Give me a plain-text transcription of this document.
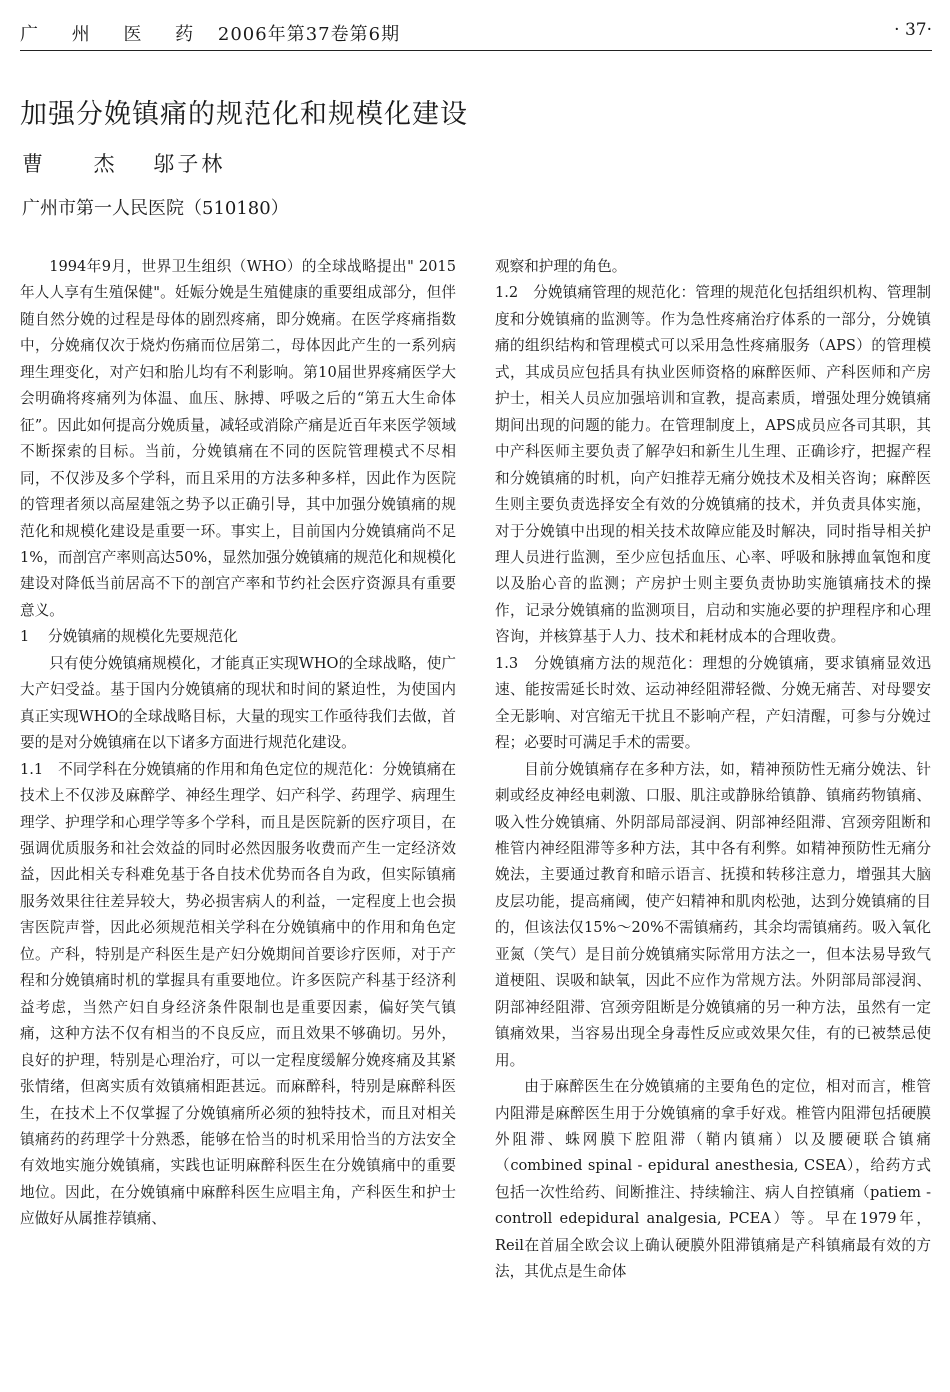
广 州 医 药 2006年第37卷第6期	· 37·
加强分娩镇痛的规范化和规模化建设
曹 杰 邬子林
广州市第一人民医院（510180）

1994年9月，世界卫生组织（WHO）的全球战略提出" 2015年人人享有生殖保健"。妊娠分娩是生殖健康的重要组成部分，但伴随自然分娩的过程是母体的剧烈疼痛，即分娩痛。在医学疼痛指数中，分娩痛仅次于烧灼伤痛而位居第二，母体因此产生的一系列病理生理变化，对产妇和胎儿均有不利影响。第10届世界疼痛医学大会明确将疼痛列为体温、血压、脉搏、呼吸之后的“第五大生命体征”。因此如何提高分娩质量，减轻或消除产痛是近百年来医学领域不断探索的目标。当前，分娩镇痛在不同的医院管理模式不尽相同，不仅涉及多个学科，而且采用的方法多种多样，因此作为医院的管理者须以高屋建瓴之势予以正确引导，其中加强分娩镇痛的规范化和规模化建设是重要一环。事实上，目前国内分娩镇痛尚不足1%，而剖宫产率则高达50%，显然加强分娩镇痛的规范化和规模化建设对降低当前居高不下的剖宫产率和节约社会医疗资源具有重要意义。

1 分娩镇痛的规模化先要规范化

只有使分娩镇痛规模化，才能真正实现WHO的全球战略，使广大产妇受益。基于国内分娩镇痛的现状和时间的紧迫性，为使国内真正实现WHO的全球战略目标，大量的现实工作亟待我们去做，首要的是对分娩镇痛在以下诸多方面进行规范化建设。

1.1　不同学科在分娩镇痛的作用和角色定位的规范化：分娩镇痛在技术上不仅涉及麻醉学、神经生理学、妇产科学、药理学、病理生理学、护理学和心理学等多个学科，而且是医院新的医疗项目，在强调优质服务和社会效益的同时必然因服务收费而产生一定经济效益，因此相关专科难免基于各自技术优势而各自为政，但实际镇痛服务效果往往差异较大，势必损害病人的利益，一定程度上也会损害医院声誉，因此必须规范相关学科在分娩镇痛中的作用和角色定位。产科，特别是产科医生是产妇分娩期间首要诊疗医师，对于产程和分娩镇痛时机的掌握具有重要地位。许多医院产科基于经济利益考虑，当然产妇自身经济条件限制也是重要因素，偏好笑气镇痛，这种方法不仅有相当的不良反应，而且效果不够确切。另外，良好的护理，特别是心理治疗，可以一定程度缓解分娩疼痛及其紧张情绪，但离实质有效镇痛相距甚远。而麻醉科，特别是麻醉科医生，在技术上不仅掌握了分娩镇痛所必须的独特技术，而且对相关镇痛药的药理学十分熟悉，能够在恰当的时机采用恰当的方法安全有效地实施分娩镇痛，实践也证明麻醉科医生在分娩镇痛中的重要地位。因此，在分娩镇痛中麻醉科医生应唱主角，产科医生和护士应做好从属推荐镇痛、

观察和护理的角色。

1.2　分娩镇痛管理的规范化：管理的规范化包括组织机构、管理制度和分娩镇痛的监测等。作为急性疼痛治疗体系的一部分，分娩镇痛的组织结构和管理模式可以采用急性疼痛服务（APS）的管理模式，其成员应包括具有执业医师资格的麻醉医师、产科医师和产房护士，相关人员应加强培训和宣教，提高素质，增强处理分娩镇痛期间出现的问题的能力。在管理制度上，APS成员应各司其职，其中产科医师主要负责了解孕妇和新生儿生理、正确诊疗，把握产程和分娩镇痛的时机，向产妇推荐无痛分娩技术及相关咨询；麻醉医生则主要负责选择安全有效的分娩镇痛的技术，并负责具体实施，对于分娩镇中出现的相关技术故障应能及时解决，同时指导相关护理人员进行监测，至少应包括血压、心率、呼吸和脉搏血氧饱和度以及胎心音的监测；产房护士则主要负责协助实施镇痛技术的操作，记录分娩镇痛的监测项目，启动和实施必要的护理程序和心理咨询，并核算基于人力、技术和耗材成本的合理收费。

1.3　分娩镇痛方法的规范化：理想的分娩镇痛，要求镇痛显效迅速、能按需延长时效、运动神经阻滞轻微、分娩无痛苦、对母婴安全无影响、对宫缩无干扰且不影响产程，产妇清醒，可参与分娩过程；必要时可满足手术的需要。

目前分娩镇痛存在多种方法，如，精神预防性无痛分娩法、针刺或经皮神经电刺激、口服、肌注或静脉给镇静、镇痛药物镇痛、吸入性分娩镇痛、外阴部局部浸润、阴部神经阻滞、宫颈旁阻断和椎管内神经阻滞等多种方法，其中各有利弊。如精神预防性无痛分娩法，主要通过教育和暗示语言、抚摸和转移注意力，增强其大脑皮层功能，提高痛阈，使产妇精神和肌肉松弛，达到分娩镇痛的目的，但该法仅15%～20%不需镇痛药，其余均需镇痛药。吸入氧化亚氮（笑气）是目前分娩镇痛实际常用方法之一，但本法易导致气道梗阻、误吸和缺氧，因此不应作为常规方法。外阴部局部浸润、阴部神经阻滞、宫颈旁阻断是分娩镇痛的另一种方法，虽然有一定镇痛效果，当容易出现全身毒性反应或效果欠佳，有的已被禁忌使用。

由于麻醉医生在分娩镇痛的主要角色的定位，相对而言，椎管内阻滞是麻醉医生用于分娩镇痛的拿手好戏。椎管内阻滞包括硬膜外阻滞、蛛网膜下腔阻滞（鞘内镇痛）以及腰硬联合镇痛（combined spinal - epidural anesthesia, CSEA），给药方式包括一次性给药、间断推注、持续输注、病人自控镇痛（patiem - controll edepidural analgesia, PCEA）等。早在1979年，Reil在首届全欧会议上确认硬膜外阻滞镇痛是产科镇痛最有效的方法，其优点是生命体
